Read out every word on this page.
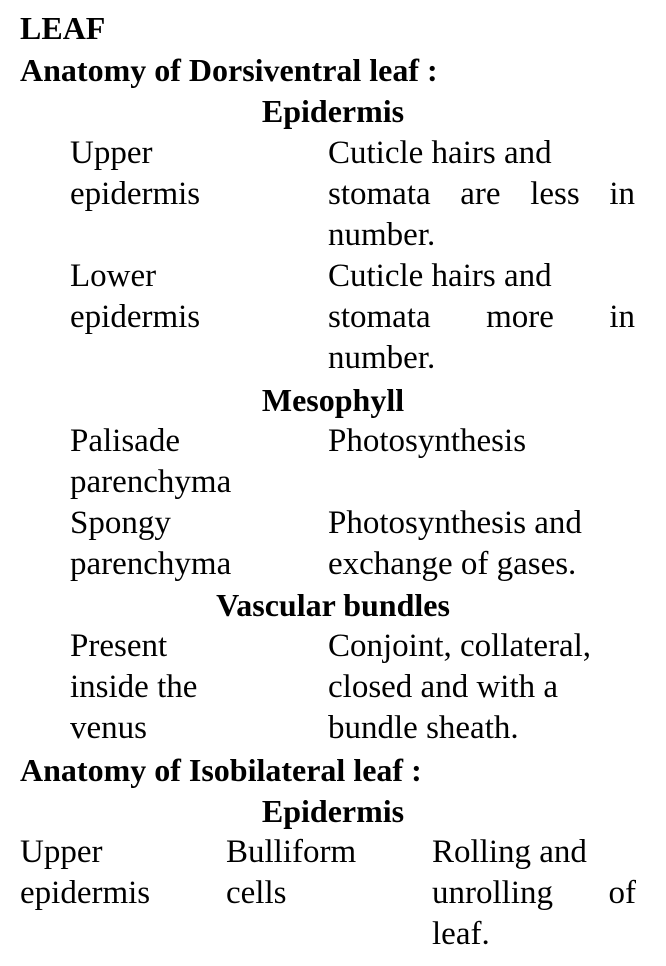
LEAF
Anatomy of Dorsiventral leaf :
Epidermis
Upper
epidermis
Cuticle hairs and
stomata are less in
number.
Lower
epidermis
Cuticle hairs and
stomata more in
number.
Mesophyll
Palisade
parenchyma
Photosynthesis
Spongy
parenchyma
Photosynthesis and
exchange of gases.
Vascular bundles
Present
inside the
venus
Conjoint, collateral,
closed and with a
bundle sheath.
Anatomy of Isobilateral leaf :
Epidermis
Upper
epidermis
Bulliform
cells
Rolling and
unrolling of
leaf.
